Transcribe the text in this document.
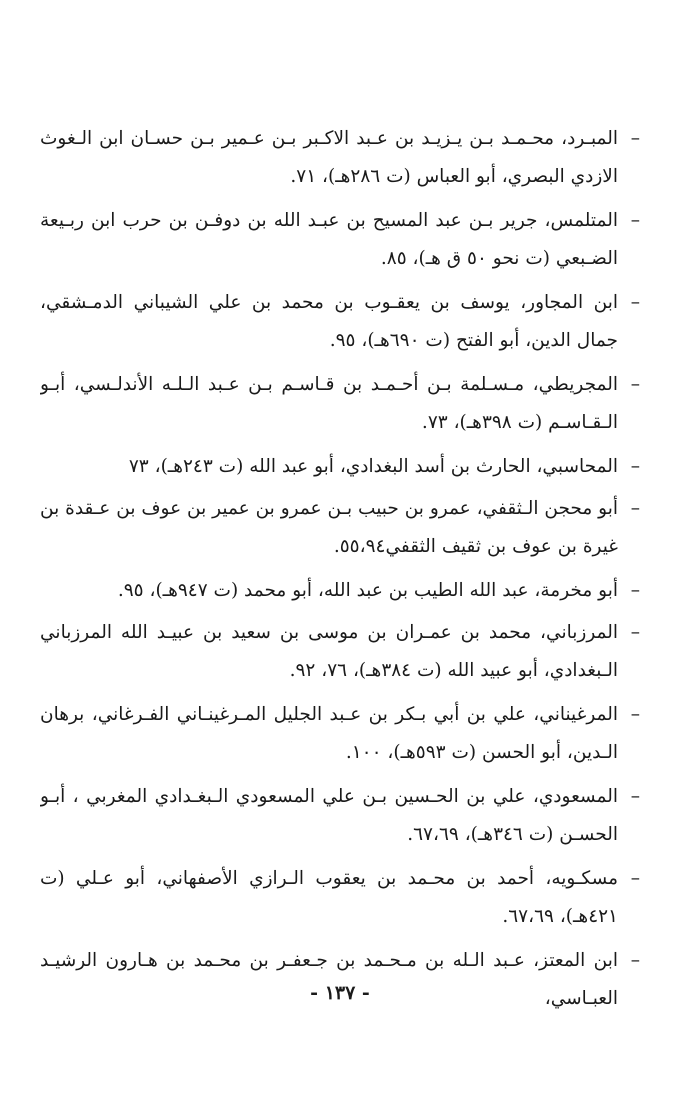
–
المبـرد، محـمـد بـن يـزيـد بن عـبد الاكـبر بـن عـمير بـن حسـان ابن الـغوث الازدي البصري، أبو العباس (ت ٢٨٦هـ)، ٧١.
–
المتلمس، جرير بـن عبد المسيح بن عبـد الله بن دوفـن بن حرب ابن ربـيعة الضـبعي (ت نحو ٥٠ ق هـ)، ٨٥.
–
ابن المجاور، يوسف بن يعقـوب بن محمد بن علي الشيباني الدمـشقي، جمال الدين، أبو الفتح (ت ٦٩٠هـ)، ٩٥.
–
المجريطي، مـسـلمة بـن أحـمـد بن قـاسـم بـن عـبد الـلـه الأندلـسي، أبـو الـقـاسـم (ت ٣٩٨هـ)، ٧٣.
–
المحاسبي، الحارث بن أسد البغدادي، أبو عبد الله (ت ٢٤٣هـ)، ٧٣
–
أبو محجن الـثقفي، عمرو بن حبيب بـن عمرو بن عمير بن عوف بن عـقدة بن غيرة بن عوف بن ثقيف الثقفي٥٥،٩٤.
–
أبو مخرمة، عبد الله الطيب بن عبد الله، أبو محمد (ت ٩٤٧هـ)، ٩٥.
–
المرزباني، محمد بن عمـران بن موسى بن سعيد بن عبيـد الله المرزباني الـبغدادي، أبو عبيد الله (ت ٣٨٤هـ)، ٧٦، ٩٢.
–
المرغيناني، علي بن أبي بـكر بن عـبد الجليل المـرغينـاني الفـرغاني، برهان الـدين، أبو الحسن (ت ٥٩٣هـ)، ١٠٠.
–
المسعودي، علي بن الحـسين بـن علي المسعودي الـبغـدادي المغربي ، أبـو الحسـن (ت ٣٤٦هـ)، ٦٧،٦٩.
–
مسكـويه، أحمد بن محـمد بن يعقوب الـرازي الأصفهاني، أبو عـلي (ت ٤٢١هـ)، ٦٧،٦٩.
–
ابن المعتز، عـبد الـله بن مـحـمد بن جـعفـر بن محـمد بن هـارون الرشيـد العبـاسي،
- ١٣٧ -
